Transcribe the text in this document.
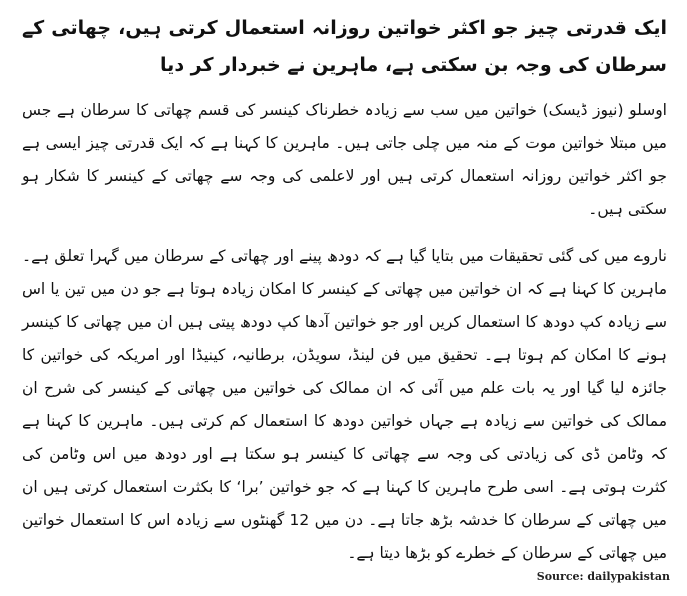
ایک قدرتی چیز جو اکثر خواتین روزانہ استعمال کرتی ہیں، چھاتی کے سرطان کی وجہ بن سکتی ہے، ماہرین نے خبردار کر دیا

اوسلو (نیوز ڈیسک) خواتین میں سب سے زیادہ خطرناک کینسر کی قسم چھاتی کا سرطان ہے جس میں مبتلا خواتین موت کے منہ میں چلی جاتی ہیں۔ ماہرین کا کہنا ہے کہ ایک قدرتی چیز ایسی ہے جو اکثر خواتین روزانہ استعمال کرتی ہیں اور لاعلمی کی وجہ سے چھاتی کے کینسر کا شکار ہو سکتی ہیں۔

ناروے میں کی گئی تحقیقات میں بتایا گیا ہے کہ دودھ پینے اور چھاتی کے سرطان میں گہرا تعلق ہے۔ ماہرین کا کہنا ہے کہ ان خواتین میں چھاتی کے کینسر کا امکان زیادہ ہوتا ہے جو دن میں تین یا اس سے زیادہ کپ دودھ کا استعمال کریں اور جو خواتین آدھا کپ دودھ پیتی ہیں ان میں چھاتی کا کینسر ہونے کا امکان کم ہوتا ہے۔ تحقیق میں فن لینڈ، سویڈن، برطانیہ، کینیڈا اور امریکہ کی خواتین کا جائزہ لیا گیا اور یہ بات علم میں آئی کہ ان ممالک کی خواتین میں چھاتی کے کینسر کی شرح ان ممالک کی خواتین سے زیادہ ہے جہاں خواتین دودھ کا استعمال کم کرتی ہیں۔ ماہرین کا کہنا ہے کہ وٹامن ڈی کی زیادتی کی وجہ سے چھاتی کا کینسر ہو سکتا ہے اور دودھ میں اس وٹامن کی کثرت ہوتی ہے۔ اسی طرح ماہرین کا کہنا ہے کہ جو خواتین ’برا‘ کا بکثرت استعمال کرتی ہیں ان میں چھاتی کے سرطان کا خدشہ بڑھ جاتا ہے۔ دن میں 12 گھنٹوں سے زیادہ اس کا استعمال خواتین میں چھاتی کے سرطان کے خطرے کو بڑھا دیتا ہے۔

Source: dailypakistan
